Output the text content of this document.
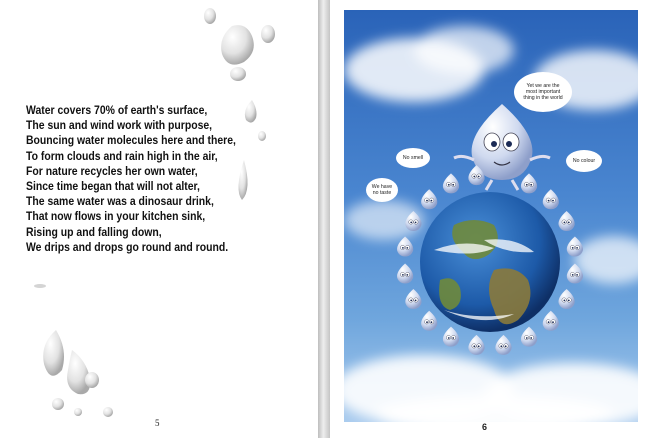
Water covers 70% of earth's surface,
The sun and wind work with purpose,
Bouncing water molecules here and there,
To form clouds and rain high in the air,
For nature recycles her own water,
Since time began that will not alter,
The same water was a dinosaur drink,
That now flows in your kitchen sink,
Rising up and falling down,
We drips and drops go round and round.
5
Yet we are the most important thing in the world
No smell
We have no taste
No colour
6
